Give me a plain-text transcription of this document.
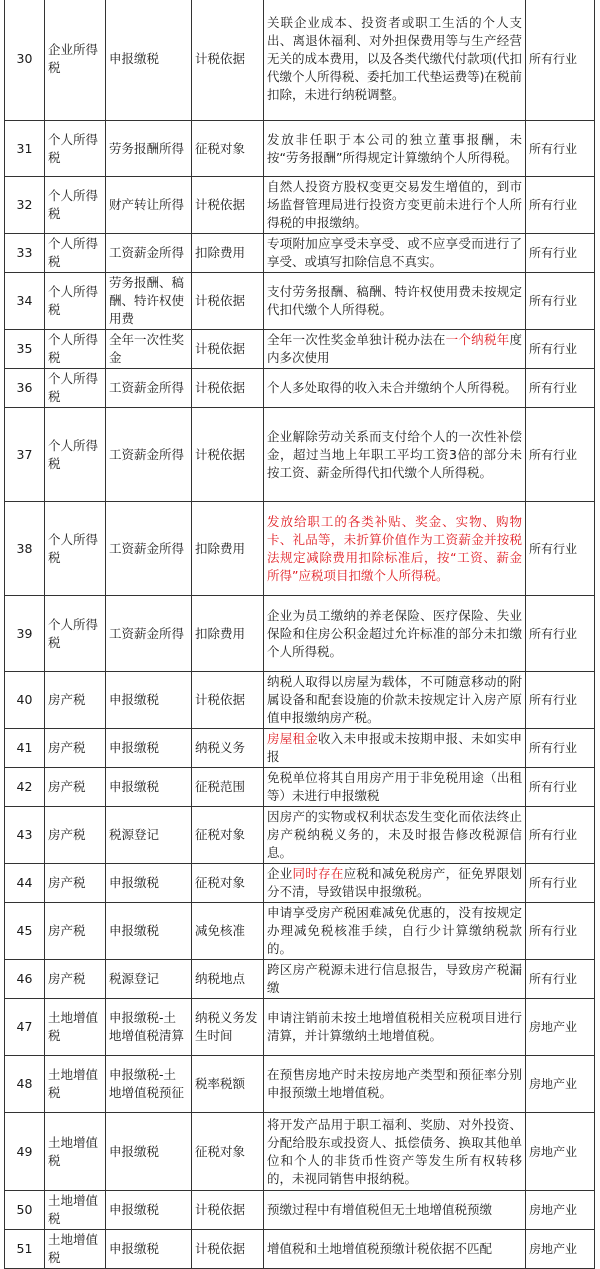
30	企业所得税	申报缴税	计税依据	关联企业成本、投资者或职工生活的个人支出、离退休福利、对外担保费用等与生产经营无关的成本费用，以及各类代缴代付款项(代扣代缴个人所得税、委托加工代垫运费等)在税前扣除，未进行纳税调整。	所有行业
31	个人所得税	劳务报酬所得	征税对象	发放非任职于本公司的独立董事报酬，未按“劳务报酬”所得规定计算缴纳个人所得税。	所有行业
32	个人所得税	财产转让所得	计税依据	自然人投资方股权变更交易发生增值的，到市场监督管理局进行投资方变更前未进行个人所得税的申报缴纳。	所有行业
33	个人所得税	工资薪金所得	扣除费用	专项附加应享受未享受、或不应享受而进行了享受、或填写扣除信息不真实。	所有行业
34	个人所得税	劳务报酬、稿酬、特许权使用费	计税依据	支付劳务报酬、稿酬、特许权使用费未按规定代扣代缴个人所得税。	所有行业
35	个人所得税	全年一次性奖金	计税依据	全年一次性奖金单独计税办法在一个纳税年度内多次使用	所有行业
36	个人所得税	工资薪金所得	计税依据	个人多处取得的收入未合并缴纳个人所得税。	所有行业
37	个人所得税	工资薪金所得	计税依据	企业解除劳动关系而支付给个人的一次性补偿金，超过当地上年职工平均工资3倍的部分未按工资、薪金所得代扣代缴个人所得税。	所有行业
38	个人所得税	工资薪金所得	扣除费用	发放给职工的各类补贴、奖金、实物、购物卡、礼品等，未折算价值作为工资薪金并按税法规定减除费用扣除标准后，按“工资、薪金所得”应税项目扣缴个人所得税。	所有行业
39	个人所得税	工资薪金所得	扣除费用	企业为员工缴纳的养老保险、医疗保险、失业保险和住房公积金超过允许标准的部分未扣缴个人所得税。	所有行业
40	房产税	申报缴税	计税依据	纳税人取得以房屋为载体，不可随意移动的附属设备和配套设施的价款未按规定计入房产原值申报缴纳房产税。	所有行业
41	房产税	申报缴税	纳税义务	房屋租金收入未申报或未按期申报、未如实申报	所有行业
42	房产税	申报缴税	征税范围	免税单位将其自用房产用于非免税用途（出租等）未进行申报缴税	所有行业
43	房产税	税源登记	征税对象	因房产的实物或权利状态发生变化而依法终止房产税纳税义务的，未及时报告修改税源信息。	所有行业
44	房产税	申报缴税	征税对象	企业同时存在应税和减免税房产，征免界限划分不清，导致错误申报缴税。	所有行业
45	房产税	申报缴税	减免核准	申请享受房产税困难减免优惠的，没有按规定办理减免税核准手续，自行少计算缴纳税款的。	所有行业
46	房产税	税源登记	纳税地点	跨区房产税源未进行信息报告，导致房产税漏缴	所有行业
47	土地增值税	申报缴税-土地增值税清算	纳税义务发生时间	申请注销前未按土地增值税相关应税项目进行清算，并计算缴纳土地增值税。	房地产业
48	土地增值税	申报缴税-土地增值税预征	税率税额	在预售房地产时未按房地产类型和预征率分别申报预缴土地增值税。	房地产业
49	土地增值税	申报缴税	征税对象	将开发产品用于职工福利、奖励、对外投资、分配给股东或投资人、抵偿债务、换取其他单位和个人的非货币性资产等发生所有权转移的，未视同销售申报纳税。	房地产业
50	土地增值税	申报缴税	计税依据	预缴过程中有增值税但无土地增值税预缴	房地产业
51	土地增值税	申报缴税	计税依据	增值税和土地增值税预缴计税依据不匹配	房地产业
